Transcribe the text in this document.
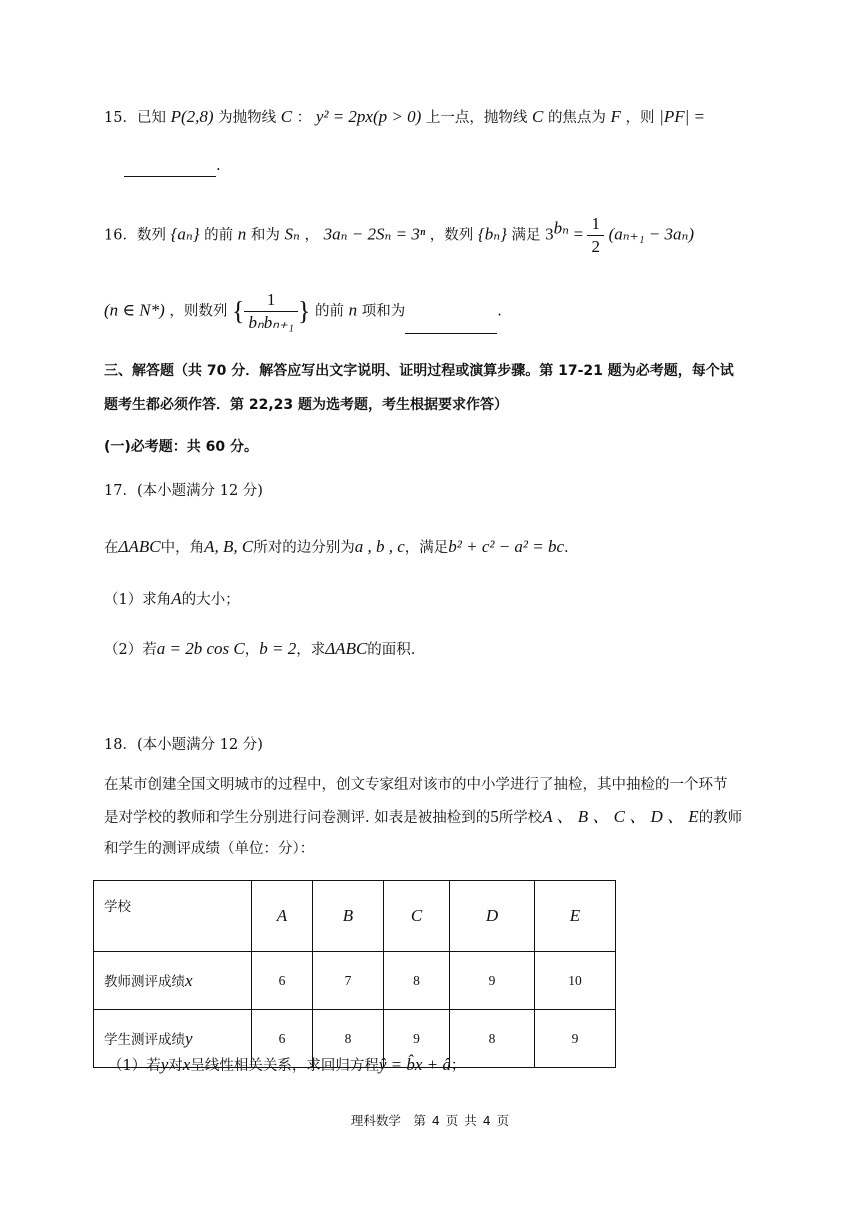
15．已知 P(2,8) 为抛物线 C ： y² = 2px(p > 0) 上一点，抛物线 C 的焦点为 F ，则 |PF| =
.
16．数列 {aₙ} 的前 n 和为 Sₙ ， 3aₙ − 2Sₙ = 3ⁿ ，数列 {bₙ} 满足 $3^{b_n} = \frac{1}{2} (a_{n+1} - 3a_n)$
(n ∈ N*) ，则数列 { $\frac{1}{\text{bₙbₙ₊₁}}$ } 的前 n 项和为	.
三、解答题（共 70 分．解答应写出文字说明、证明过程或演算步骤。第 17-21 题为必考题，每个试
题考生都必须作答．第 22,23 题为选考题，考生根据要求作答）
(一)必考题：共 60 分。
17．(本小题满分 12 分)
在ΔABC中，角A, B, C所对的边分别为a , b , c，满足b² + c² − a² = bc.
（1）求角A的大小；
（2）若a = 2b cos C，b = 2，求ΔABC的面积.
18．(本小题满分 12 分)
在某市创建全国文明城市的过程中，创文专家组对该市的中小学进行了抽检，其中抽检的一个环节
是对学校的教师和学生分别进行问卷测评. 如表是被抽检到的5所学校A 、 B 、 C 、 D 、 E的教师
和学生的测评成绩（单位：分）：
学校	A	B	C	D	E
教师测评成绩x	6	7	8	9	10
学生测评成绩y	6	8	9	8	9
（1）若y对x呈线性相关关系，求回归方程ŷ = b̂x + â；
理科数学　第 4 页 共 4 页
